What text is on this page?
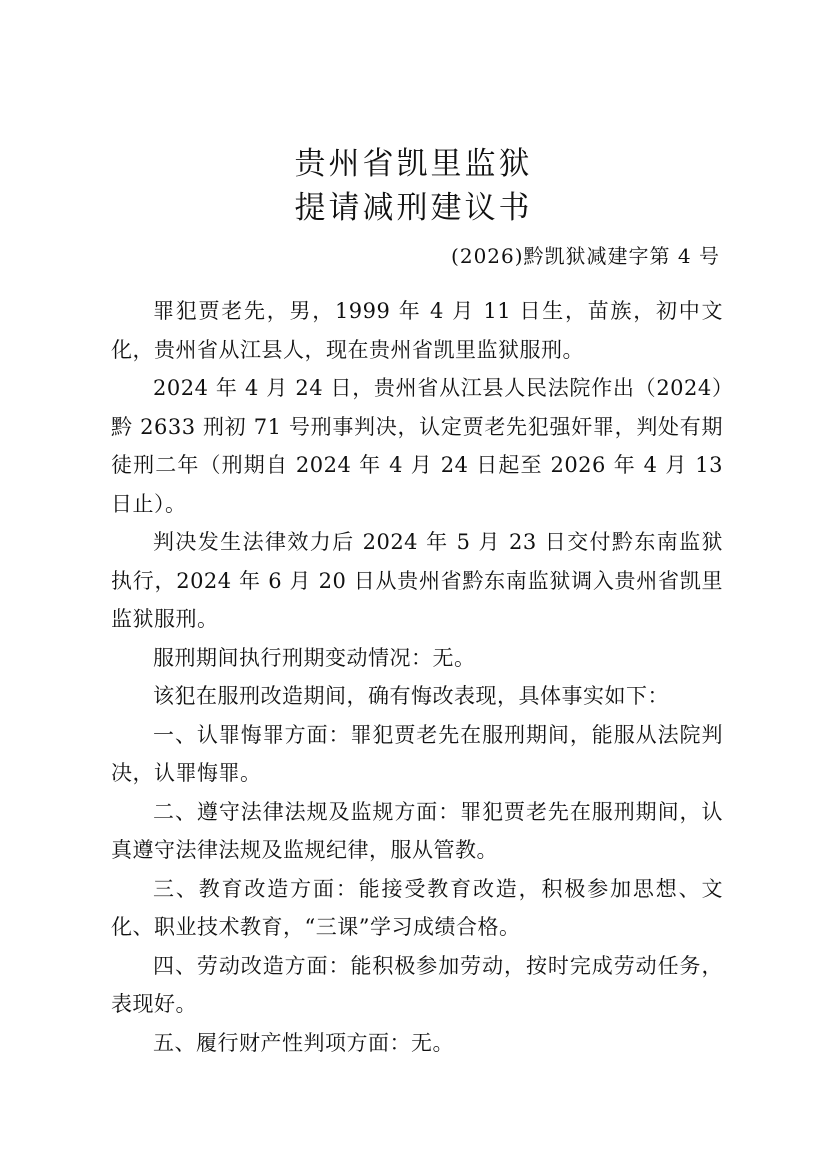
贵州省凯里监狱
提请减刑建议书
(2026)黔凯狱减建字第 4 号

罪犯贾老先，男，1999 年 4 月 11 日生，苗族，初中文化，贵州省从江县人，现在贵州省凯里监狱服刑。

2024 年 4 月 24 日，贵州省从江县人民法院作出（2024）黔 2633 刑初 71 号刑事判决，认定贾老先犯强奸罪，判处有期徒刑二年（刑期自 2024 年 4 月 24 日起至 2026 年 4 月 13 日止）。

判决发生法律效力后 2024 年 5 月 23 日交付黔东南监狱执行，2024 年 6 月 20 日从贵州省黔东南监狱调入贵州省凯里监狱服刑。

服刑期间执行刑期变动情况：无。

该犯在服刑改造期间，确有悔改表现，具体事实如下：

一、认罪悔罪方面：罪犯贾老先在服刑期间，能服从法院判决，认罪悔罪。

二、遵守法律法规及监规方面：罪犯贾老先在服刑期间，认真遵守法律法规及监规纪律，服从管教。

三、教育改造方面：能接受教育改造，积极参加思想、文化、职业技术教育，“三课”学习成绩合格。

四、劳动改造方面：能积极参加劳动，按时完成劳动任务，表现好。

五、履行财产性判项方面：无。
